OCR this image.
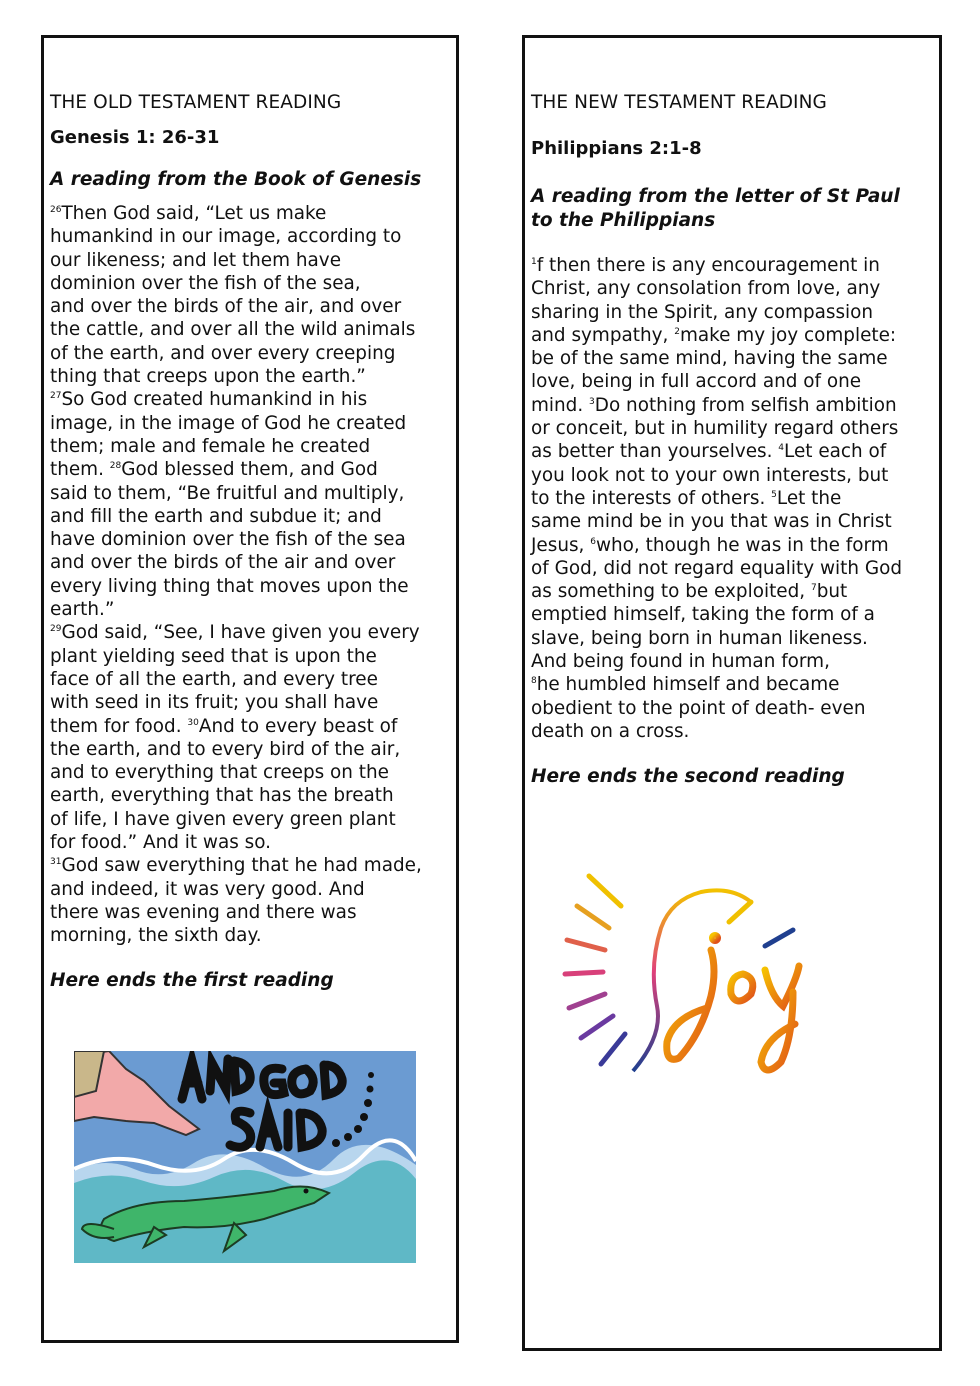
THE OLD TESTAMENT READING
Genesis 1: 26-31
A reading from the Book of Genesis

$^{26}$Then God said, “Let us make
humankind in our image, according to
our likeness; and let them have
dominion over the fish of the sea,
and over the birds of the air, and over
the cattle, and over all the wild animals
of the earth, and over every creeping
thing that creeps upon the earth.”
$^{27}$So God created humankind in his
image, in the image of God he created
them; male and female he created
them. $^{28}$God blessed them, and God
said to them, “Be fruitful and multiply,
and fill the earth and subdue it; and
have dominion over the fish of the sea
and over the birds of the air and over
every living thing that moves upon the
earth.”
$^{29}$God said, “See, I have given you every
plant yielding seed that is upon the
face of all the earth, and every tree
with seed in its fruit; you shall have
them for food. $^{30}$And to every beast of
the earth, and to every bird of the air,
and to everything that creeps on the
earth, everything that has the breath
of life, I have given every green plant
for food.” And it was so.
$^{31}$God saw everything that he had made,
and indeed, it was very good. And
there was evening and there was
morning, the sixth day.

Here ends the first reading
THE NEW TESTAMENT READING
Philippians 2:1-8
A reading from the letter of St Paul to the Philippians

$^1$f then there is any encouragement in
Christ, any consolation from love, any
sharing in the Spirit, any compassion
and sympathy, $^2$make my joy complete:
be of the same mind, having the same
love, being in full accord and of one
mind. $^3$Do nothing from selfish ambition
or conceit, but in humility regard others
as better than yourselves. $^4$Let each of
you look not to your own interests, but
to the interests of others. $^5$Let the
same mind be in you that was in Christ
Jesus, $^6$who, though he was in the form
of God, did not regard equality with God
as something to be exploited, $^7$but
emptied himself, taking the form of a
slave, being born in human likeness.
And being found in human form,
$^8$he humbled himself and became
obedient to the point of death- even
death on a cross.

Here ends the second reading
